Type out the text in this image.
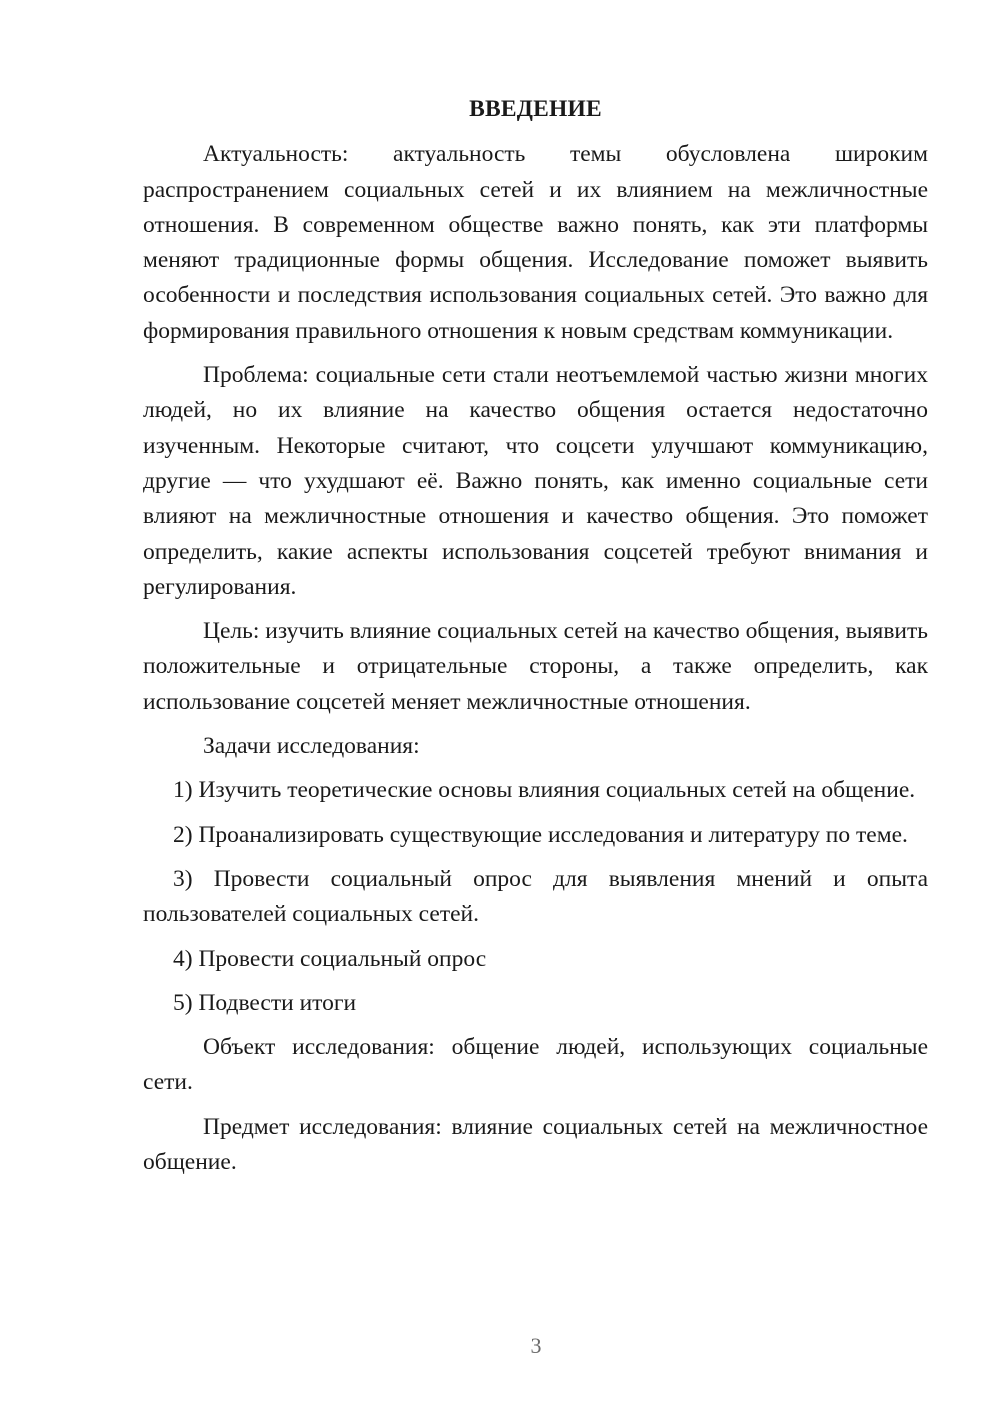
ВВЕДЕНИЕ

Актуальность: актуальность темы обусловлена широким распространением социальных сетей и их влиянием на межличностные отношения. В современном обществе важно понять, как эти платформы меняют традиционные формы общения. Исследование поможет выявить особенности и последствия использования социальных сетей. Это важно для формирования правильного отношения к новым средствам коммуникации.

Проблема: социальные сети стали неотъемлемой частью жизни многих людей, но их влияние на качество общения остается недостаточно изученным. Некоторые считают, что соцсети улучшают коммуникацию, другие — что ухудшают её. Важно понять, как именно социальные сети влияют на межличностные отношения и качество общения. Это поможет определить, какие аспекты использования соцсетей требуют внимания и регулирования.

Цель: изучить влияние социальных сетей на качество общения, выявить положительные и отрицательные стороны, а также определить, как использование соцсетей меняет межличностные отношения.

Задачи исследования:

1) Изучить теоретические основы влияния социальных сетей на общение.

2) Проанализировать существующие исследования и литературу по теме.

3) Провести социальный опрос для выявления мнений и опыта пользователей социальных сетей.

4) Провести социальный опрос

5) Подвести итоги

Объект исследования: общение людей, использующих социальные сети.

Предмет исследования: влияние социальных сетей на межличностное общение.

3
